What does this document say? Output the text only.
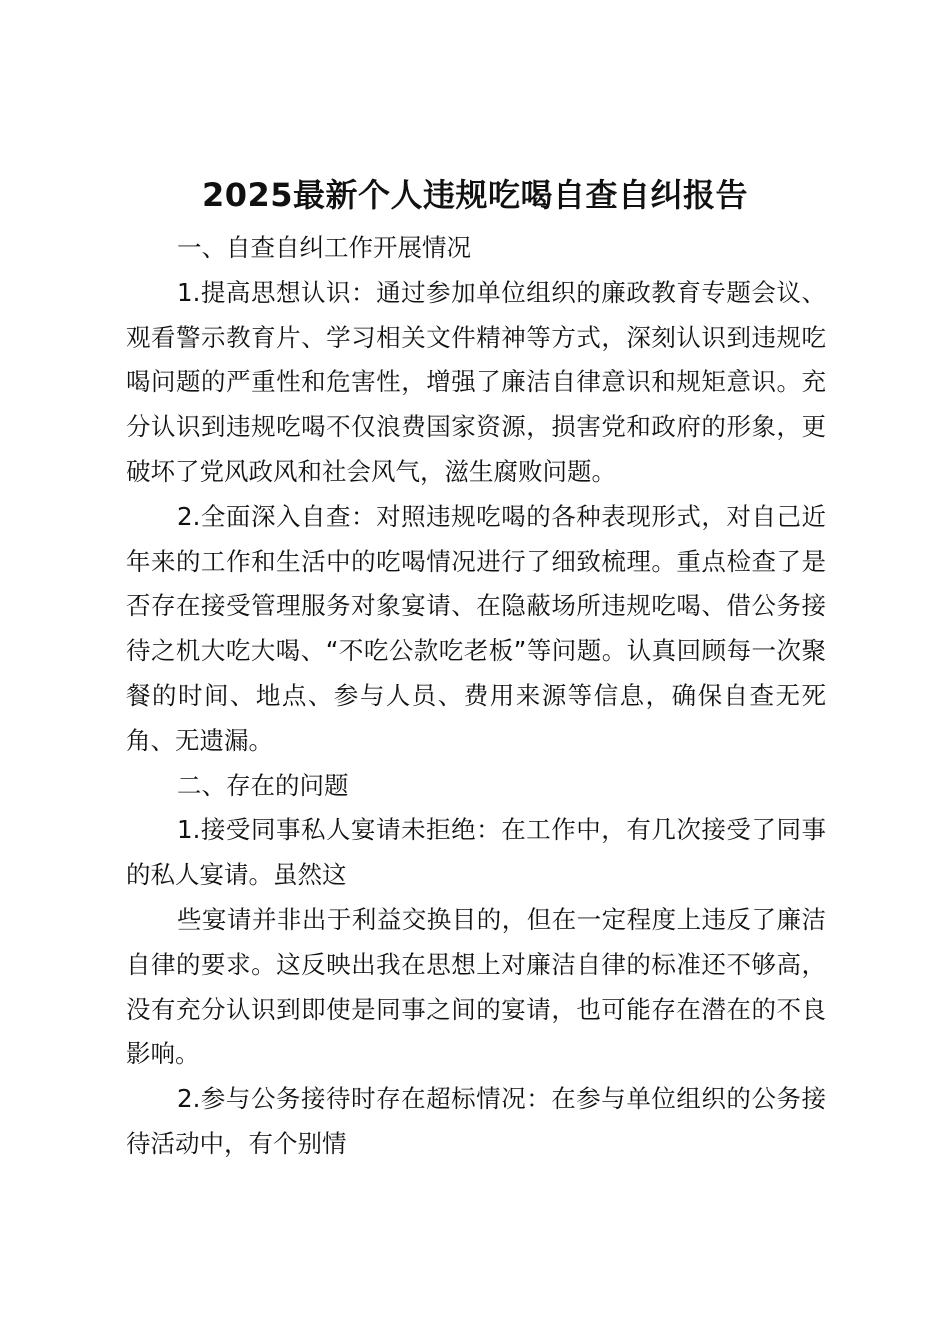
2025最新个人违规吃喝自查自纠报告

一、自查自纠工作开展情况

1.提高思想认识：通过参加单位组织的廉政教育专题会议、观看警示教育片、学习相关文件精神等方式，深刻认识到违规吃喝问题的严重性和危害性，增强了廉洁自律意识和规矩意识。充分认识到违规吃喝不仅浪费国家资源，损害党和政府的形象，更破坏了党风政风和社会风气，滋生腐败问题。

2.全面深入自查：对照违规吃喝的各种表现形式，对自己近年来的工作和生活中的吃喝情况进行了细致梳理。重点检查了是否存在接受管理服务对象宴请、在隐蔽场所违规吃喝、借公务接待之机大吃大喝、“不吃公款吃老板”等问题。认真回顾每一次聚餐的时间、地点、参与人员、费用来源等信息，确保自查无死角、无遗漏。

二、存在的问题

1.接受同事私人宴请未拒绝：在工作中，有几次接受了同事的私人宴请。虽然这

些宴请并非出于利益交换目的，但在一定程度上违反了廉洁自律的要求。这反映出我在思想上对廉洁自律的标准还不够高，没有充分认识到即使是同事之间的宴请，也可能存在潜在的不良影响。

2.参与公务接待时存在超标情况：在参与单位组织的公务接待活动中，有个别情
